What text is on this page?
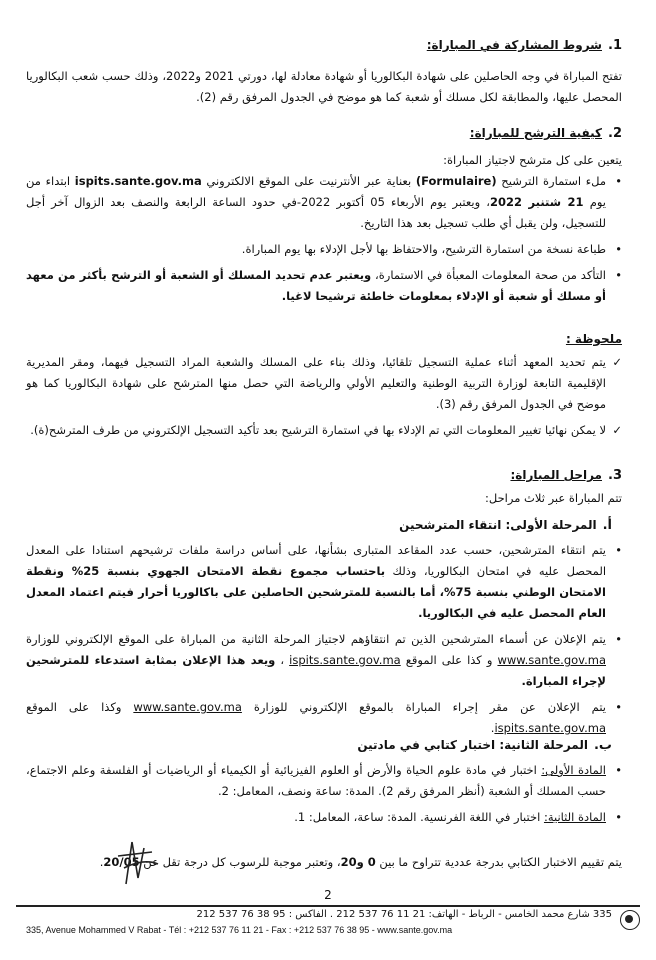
1.شروط المشاركة في المباراة:
تفتح المباراة في وجه الحاصلين على شهادة البكالوريا أو شهادة معادلة لها، دورتي 2021 و2022، وذلك حسب شعب البكالوريا المحصل عليها، والمطابقة لكل مسلك أو شعبة كما هو موضح في الجدول المرفق رقم (2).
2.كيفية الترشح للمباراة:
يتعين على كل مترشح لاجتياز المباراة:
•
ملء استمارة الترشيح (Formulaire) بعناية عبر الأنترنيت على الموقع الالكتروني ispits.sante.gov.ma ابتداء من يوم 21 شتنبر 2022، ويعتبر يوم الأربعاء 05 أكتوبر 2022-في حدود الساعة الرابعة والنصف بعد الزوال آخر أجل للتسجيل، ولن يقبل أي طلب تسجيل بعد هذا التاريخ.
•
طباعة نسخة من استمارة الترشيح، والاحتفاظ بها لأجل الإدلاء بها يوم المباراة.
•
التأكد من صحة المعلومات المعبأة في الاستمارة، ويعتبر عدم تحديد المسلك أو الشعبة أو الترشح بأكثر من معهد أو مسلك أو شعبة أو الإدلاء بمعلومات خاطئة ترشيحا لاغيا.
ملحوظة :
✓
يتم تحديد المعهد أثناء عملية التسجيل تلقائيا، وذلك بناء على المسلك والشعبة المراد التسجيل فيهما، ومقر المديرية الإقليمية التابعة لوزارة التربية الوطنية والتعليم الأولي والرياضة التي حصل منها المترشح على شهادة البكالوريا كما هو موضح في الجدول المرفق رقم (3).
✓
لا يمكن نهائيا تغيير المعلومات التي تم الإدلاء بها في استمارة الترشيح بعد تأكيد التسجيل الإلكتروني من طرف المترشح(ة).
3.مراحل المباراة:
تتم المباراة عبر ثلاث مراحل:
أ.المرحلة الأولى: انتقاء المترشحين
•
يتم انتقاء المترشحين، حسب عدد المقاعد المتبارى بشأنها، على أساس دراسة ملفات ترشيحهم استنادا على المعدل المحصل عليه في امتحان البكالوريا، وذلك باحتساب مجموع نقطة الامتحان الجهوي بنسبة 25% ونقطة الامتحان الوطني بنسبة 75%، أما بالنسبة للمترشحين الحاصلين على باكالوريا أحرار فيتم اعتماد المعدل العام المحصل عليه في البكالوريا.
•
يتم الإعلان عن أسماء المترشحين الذين تم انتقاؤهم لاجتياز المرحلة الثانية من المباراة على الموقع الإلكتروني للوزارة www.sante.gov.ma و كذا على الموقع ispits.sante.gov.ma ، ويعد هذا الإعلان بمثابة استدعاء للمترشحين لإجراء المباراة.
•
يتم الإعلان عن مقر إجراء المباراة بالموقع الإلكتروني للوزارة www.sante.gov.ma وكذا على الموقع ispits.sante.gov.ma.
ب.المرحلة الثانية: اختبار كتابي في مادتين
•
المادة الأولى: اختبار في مادة علوم الحياة والأرض أو العلوم الفيزيائية أو الكيمياء أو الرياضيات أو الفلسفة وعلم الاجتماع، حسب المسلك أو الشعبة (أنظر المرفق رقم 2). المدة: ساعة ونصف، المعامل: 2.
•
المادة الثانية: اختبار في اللغة الفرنسية. المدة: ساعة، المعامل: 1.
يتم تقييم الاختبار الكتابي بدرجة عددية تتراوح ما بين 0 و20، وتعتبر موجبة للرسوب كل درجة تقل عن 20/05.
2
335 شارع محمد الخامس - الرباط - الهاتف: 212 537 76 11 21 . الفاكس : 212 537 76 38 95
335, Avenue Mohammed V Rabat - Tél : +212 537 76 11 21 - Fax : +212 537 76 38 95 - www.sante.gov.ma
